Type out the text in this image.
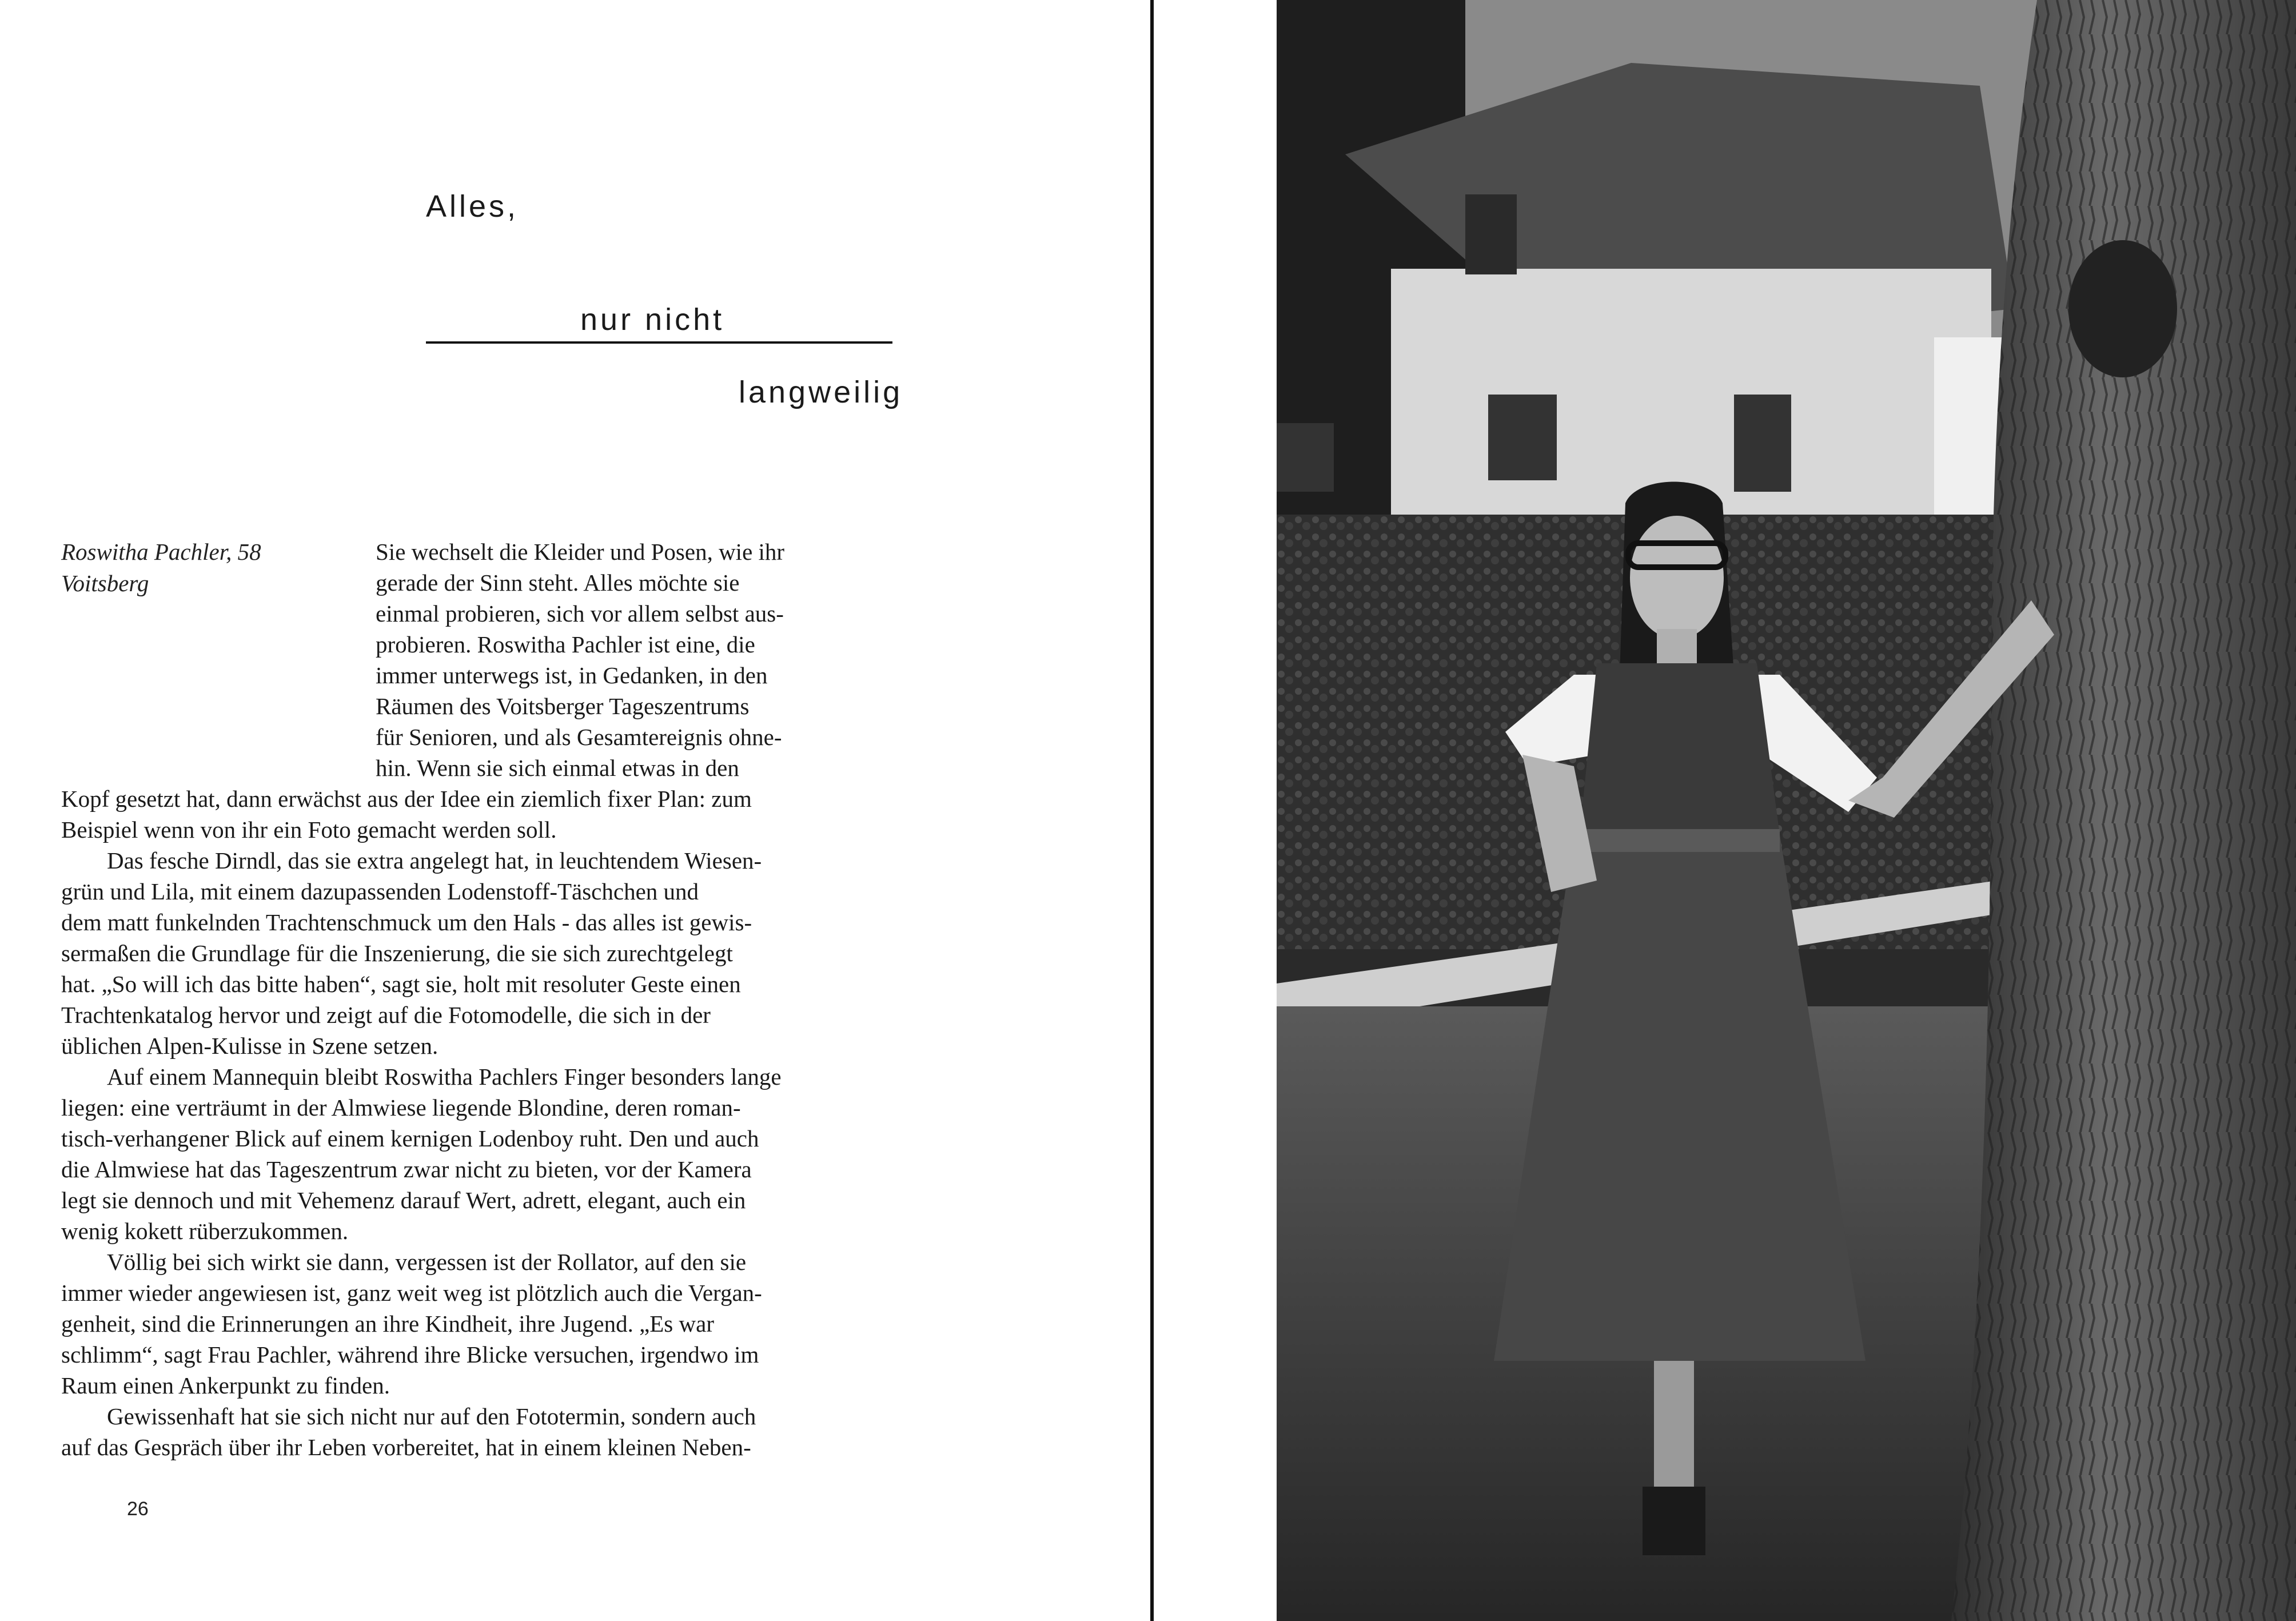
Alles,
nur nicht
langweilig
Roswitha Pachler, 58
Voitsberg
Sie wechselt die Kleider und Posen, wie ihr
gerade der Sinn steht. Alles möchte sie
einmal probieren, sich vor allem selbst aus-
probieren. Roswitha Pachler ist eine, die
immer unterwegs ist, in Gedanken, in den
Räumen des Voitsberger Tageszentrums
für Senioren, und als Gesamtereignis ohne-
hin. Wenn sie sich einmal etwas in den
Kopf gesetzt hat, dann erwächst aus der Idee ein ziemlich fixer Plan: zum
Beispiel wenn von ihr ein Foto gemacht werden soll.
Das fesche Dirndl, das sie extra angelegt hat, in leuchtendem Wiesen-
grün und Lila, mit einem dazupassenden Lodenstoff-Täschchen und
dem matt funkelnden Trachtenschmuck um den Hals - das alles ist gewis-
sermaßen die Grundlage für die Inszenierung, die sie sich zurechtgelegt
hat. „So will ich das bitte haben“, sagt sie, holt mit resoluter Geste einen
Trachtenkatalog hervor und zeigt auf die Fotomodelle, die sich in der
üblichen Alpen-Kulisse in Szene setzen.
Auf einem Mannequin bleibt Roswitha Pachlers Finger besonders lange
liegen: eine verträumt in der Almwiese liegende Blondine, deren roman-
tisch-verhangener Blick auf einem kernigen Lodenboy ruht. Den und auch
die Almwiese hat das Tageszentrum zwar nicht zu bieten, vor der Kamera
legt sie dennoch und mit Vehemenz darauf Wert, adrett, elegant, auch ein
wenig kokett rüberzukommen.
Völlig bei sich wirkt sie dann, vergessen ist der Rollator, auf den sie
immer wieder angewiesen ist, ganz weit weg ist plötzlich auch die Vergan-
genheit, sind die Erinnerungen an ihre Kindheit, ihre Jugend. „Es war
schlimm“, sagt Frau Pachler, während ihre Blicke versuchen, irgendwo im
Raum einen Ankerpunkt zu finden.
Gewissenhaft hat sie sich nicht nur auf den Fototermin, sondern auch
auf das Gespräch über ihr Leben vorbereitet, hat in einem kleinen Neben-
26
